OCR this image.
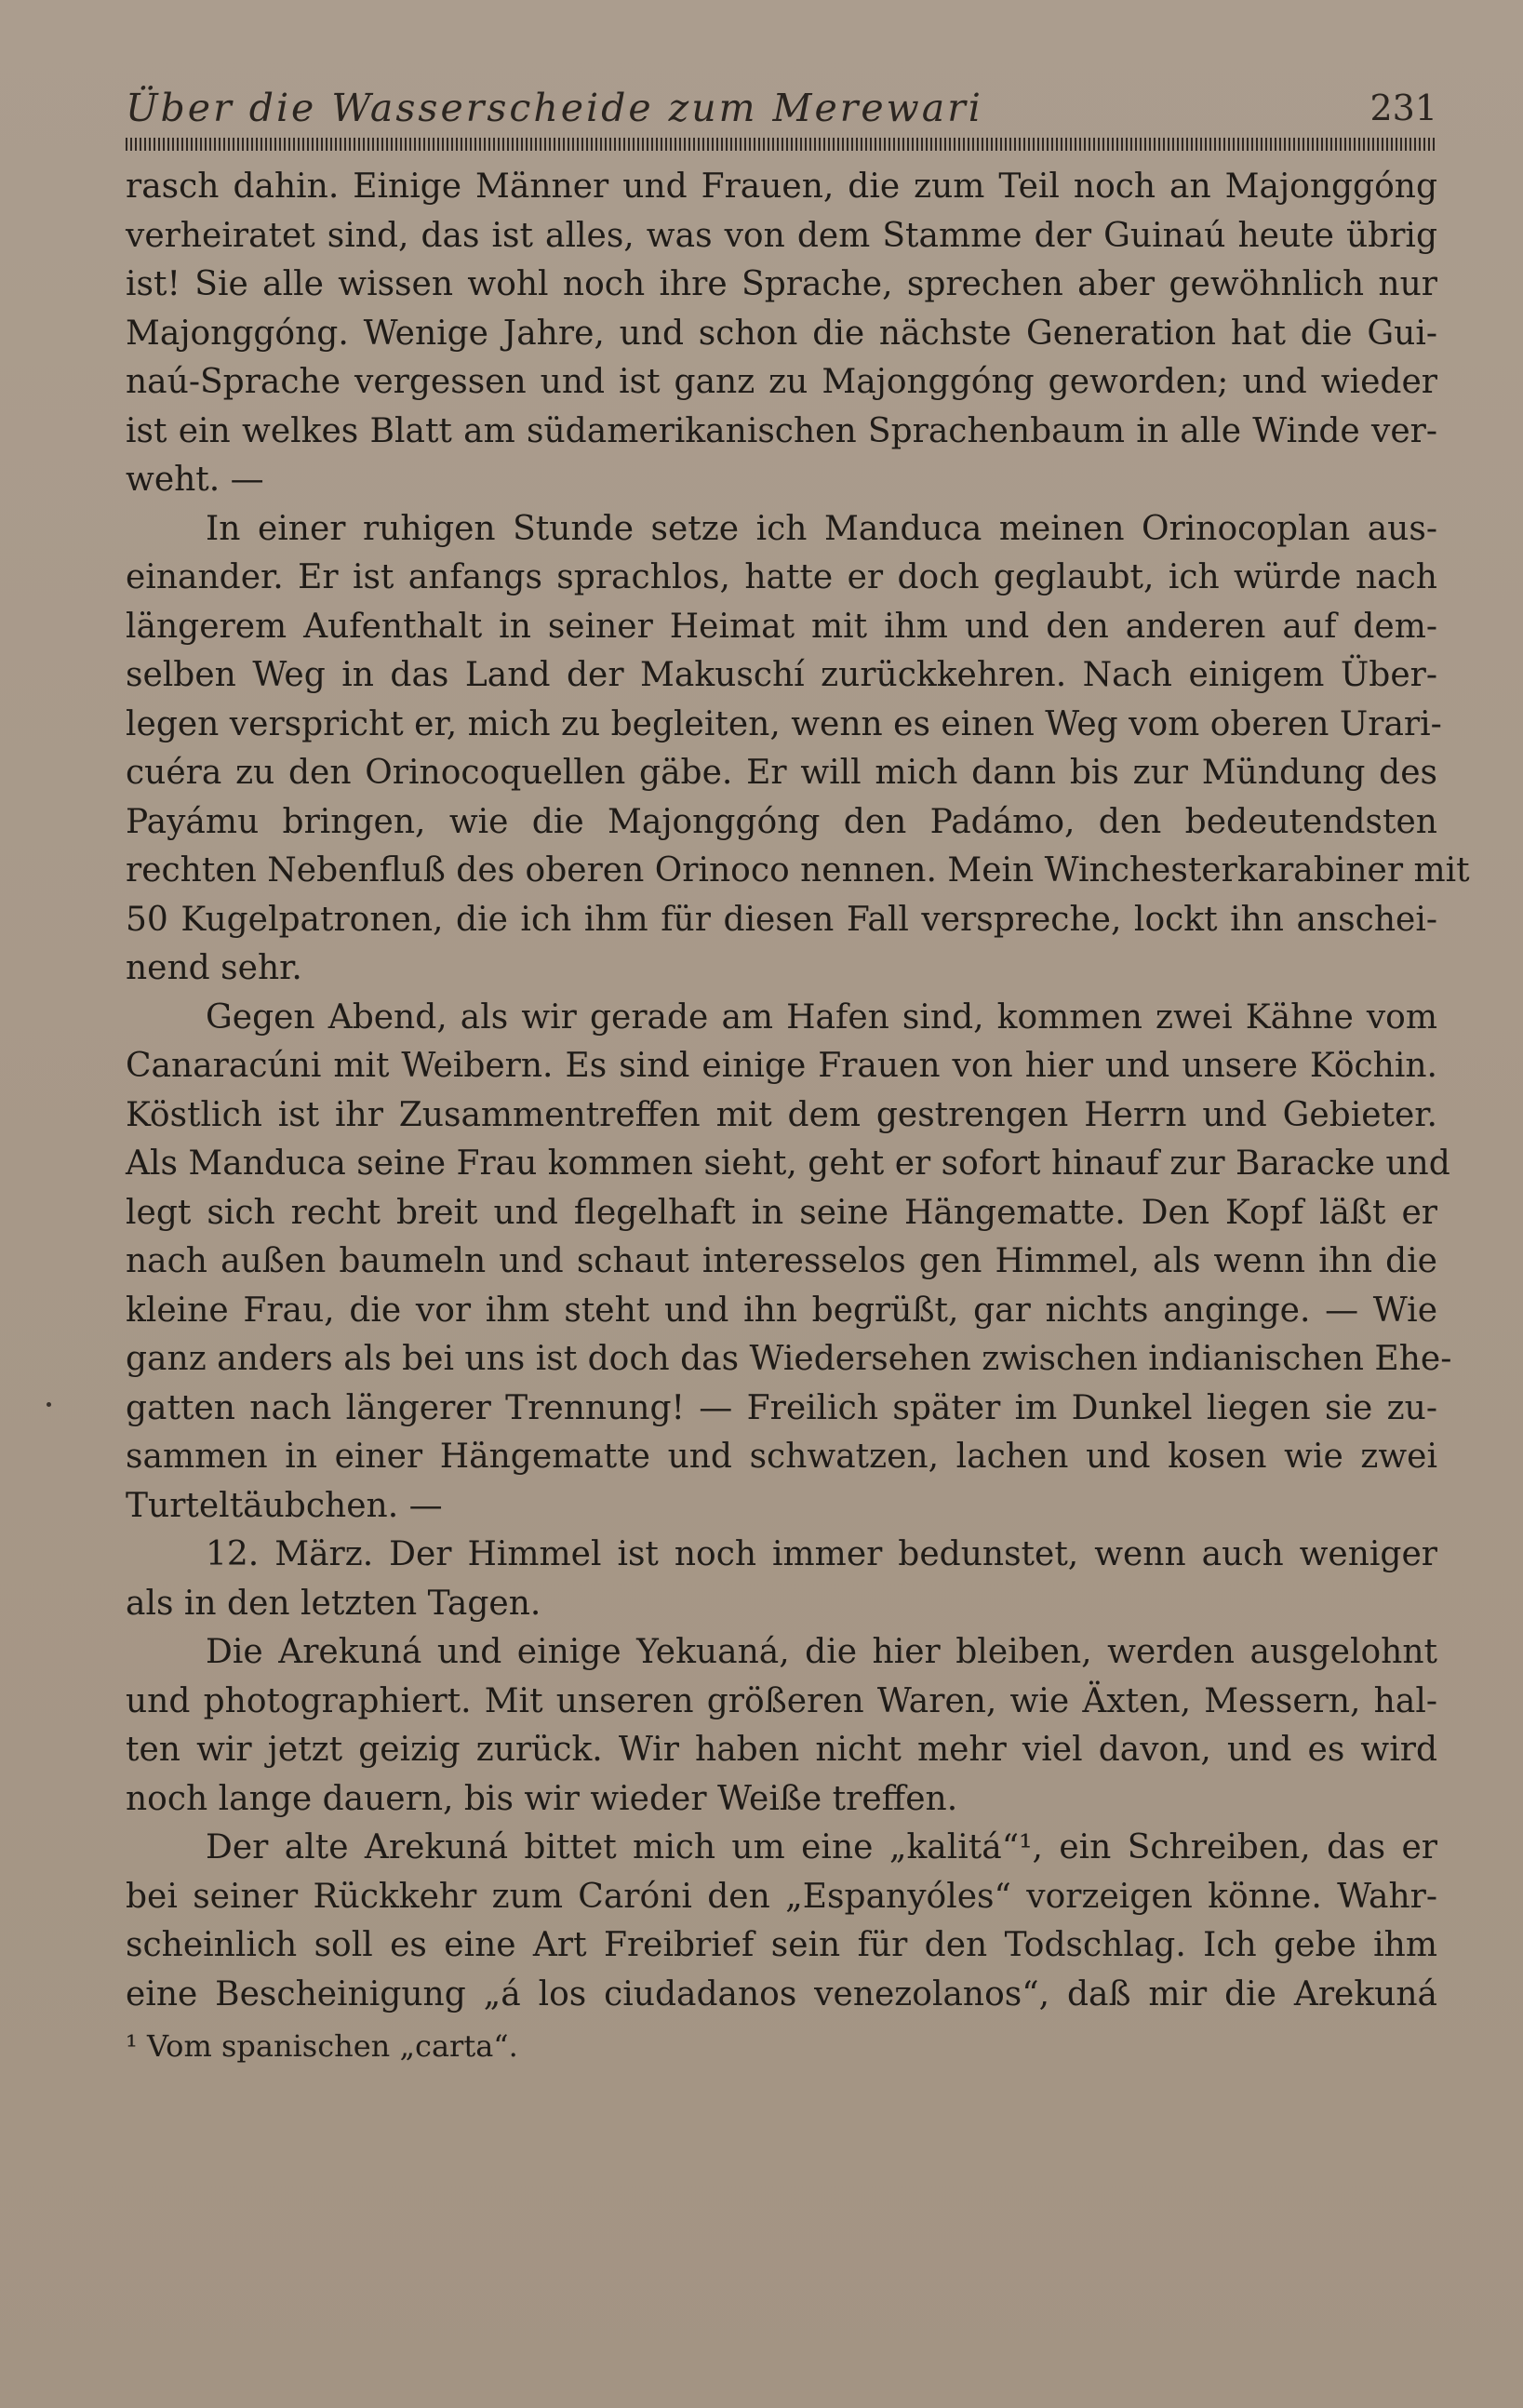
Über die Wasserscheide zum Merewari	231
rasch dahin. Einige Männer und Frauen, die zum Teil noch an Majonggóng
verheiratet sind, das ist alles, was von dem Stamme der Guinaú heute übrig
ist! Sie alle wissen wohl noch ihre Sprache, sprechen aber gewöhnlich nur
Majonggóng. Wenige Jahre, und schon die nächste Generation hat die Gui-
naú-Sprache vergessen und ist ganz zu Majonggóng geworden; und wieder
ist ein welkes Blatt am südamerikanischen Sprachenbaum in alle Winde ver-
weht. —
In einer ruhigen Stunde setze ich Manduca meinen Orinocoplan aus-
einander. Er ist anfangs sprachlos, hatte er doch geglaubt, ich würde nach
längerem Aufenthalt in seiner Heimat mit ihm und den anderen auf dem-
selben Weg in das Land der Makuschí zurückkehren. Nach einigem Über-
legen verspricht er, mich zu begleiten, wenn es einen Weg vom oberen Urari-
cuéra zu den Orinocoquellen gäbe. Er will mich dann bis zur Mündung des
Payámu bringen, wie die Majonggóng den Padámo, den bedeutendsten
rechten Nebenfluß des oberen Orinoco nennen. Mein Winchesterkarabiner mit
50 Kugelpatronen, die ich ihm für diesen Fall verspreche, lockt ihn anschei-
nend sehr.
Gegen Abend, als wir gerade am Hafen sind, kommen zwei Kähne vom
Canaracúni mit Weibern. Es sind einige Frauen von hier und unsere Köchin.
Köstlich ist ihr Zusammentreffen mit dem gestrengen Herrn und Gebieter.
Als Manduca seine Frau kommen sieht, geht er sofort hinauf zur Baracke und
legt sich recht breit und flegelhaft in seine Hängematte. Den Kopf läßt er
nach außen baumeln und schaut interesselos gen Himmel, als wenn ihn die
kleine Frau, die vor ihm steht und ihn begrüßt, gar nichts anginge. — Wie
ganz anders als bei uns ist doch das Wiedersehen zwischen indianischen Ehe-
gatten nach längerer Trennung! — Freilich später im Dunkel liegen sie zu-
sammen in einer Hängematte und schwatzen, lachen und kosen wie zwei
Turteltäubchen. —
12. März. Der Himmel ist noch immer bedunstet, wenn auch weniger
als in den letzten Tagen.
Die Arekuná und einige Yekuaná, die hier bleiben, werden ausgelohnt
und photographiert. Mit unseren größeren Waren, wie Äxten, Messern, hal-
ten wir jetzt geizig zurück. Wir haben nicht mehr viel davon, und es wird
noch lange dauern, bis wir wieder Weiße treffen.
Der alte Arekuná bittet mich um eine „kalitá“¹, ein Schreiben, das er
bei seiner Rückkehr zum Caróni den „Espanyóles“ vorzeigen könne. Wahr-
scheinlich soll es eine Art Freibrief sein für den Todschlag. Ich gebe ihm
eine Bescheinigung „á los ciudadanos venezolanos“, daß mir die Arekuná
¹ Vom spanischen „carta“.
